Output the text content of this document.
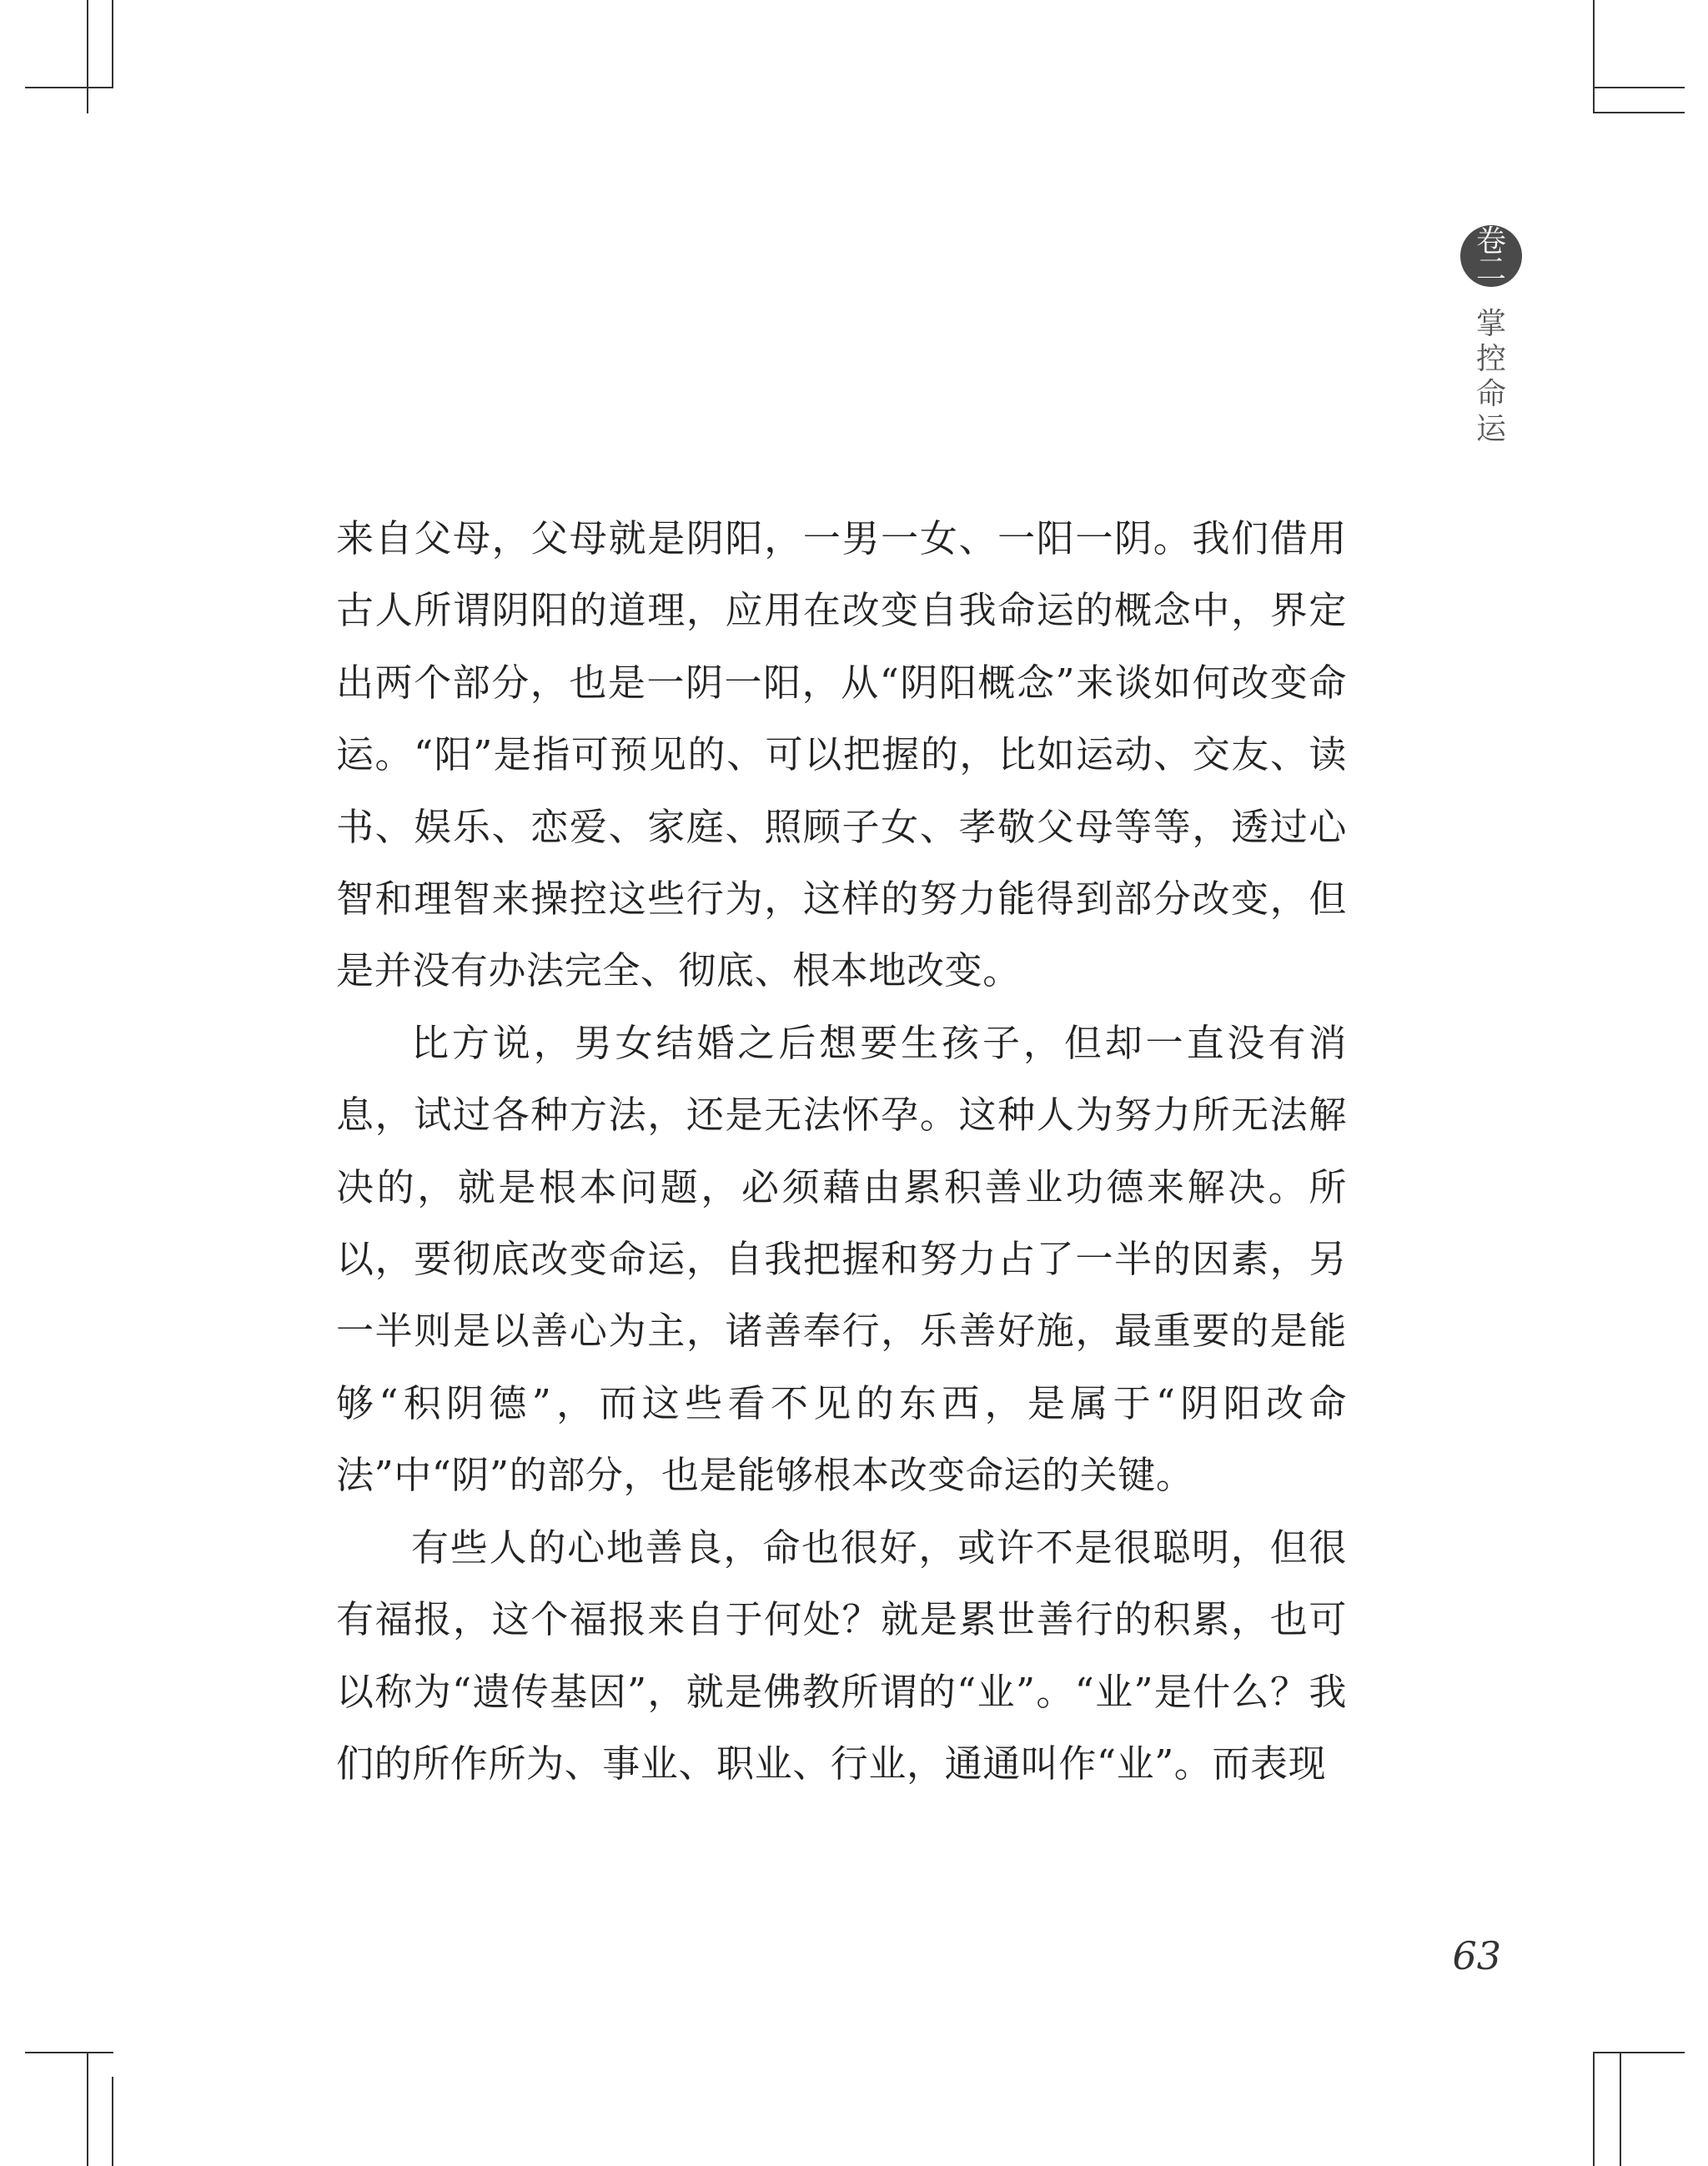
卷
二
掌控命运

来自父母，父母就是阴阳，一男一女、一阳一阴。我们借用古人所谓阴阳的道理，应用在改变自我命运的概念中，界定出两个部分，也是一阴一阳，从“阴阳概念”来谈如何改变命运。“阳”是指可预见的、可以把握的，比如运动、交友、读书、娱乐、恋爱、家庭、照顾子女、孝敬父母等等，透过心智和理智来操控这些行为，这样的努力能得到部分改变，但是并没有办法完全、彻底、根本地改变。

比方说，男女结婚之后想要生孩子，但却一直没有消息，试过各种方法，还是无法怀孕。这种人为努力所无法解决的，就是根本问题，必须藉由累积善业功德来解决。所以，要彻底改变命运，自我把握和努力占了一半的因素，另一半则是以善心为主，诸善奉行，乐善好施，最重要的是能够“积阴德”，而这些看不见的东西，是属于“阴阳改命法”中“阴”的部分，也是能够根本改变命运的关键。

有些人的心地善良，命也很好，或许不是很聪明，但很有福报，这个福报来自于何处？就是累世善行的积累，也可以称为“遗传基因”，就是佛教所谓的“业”。“业”是什么？我们的所作所为、事业、职业、行业，通通叫作“业”。而表现

63
